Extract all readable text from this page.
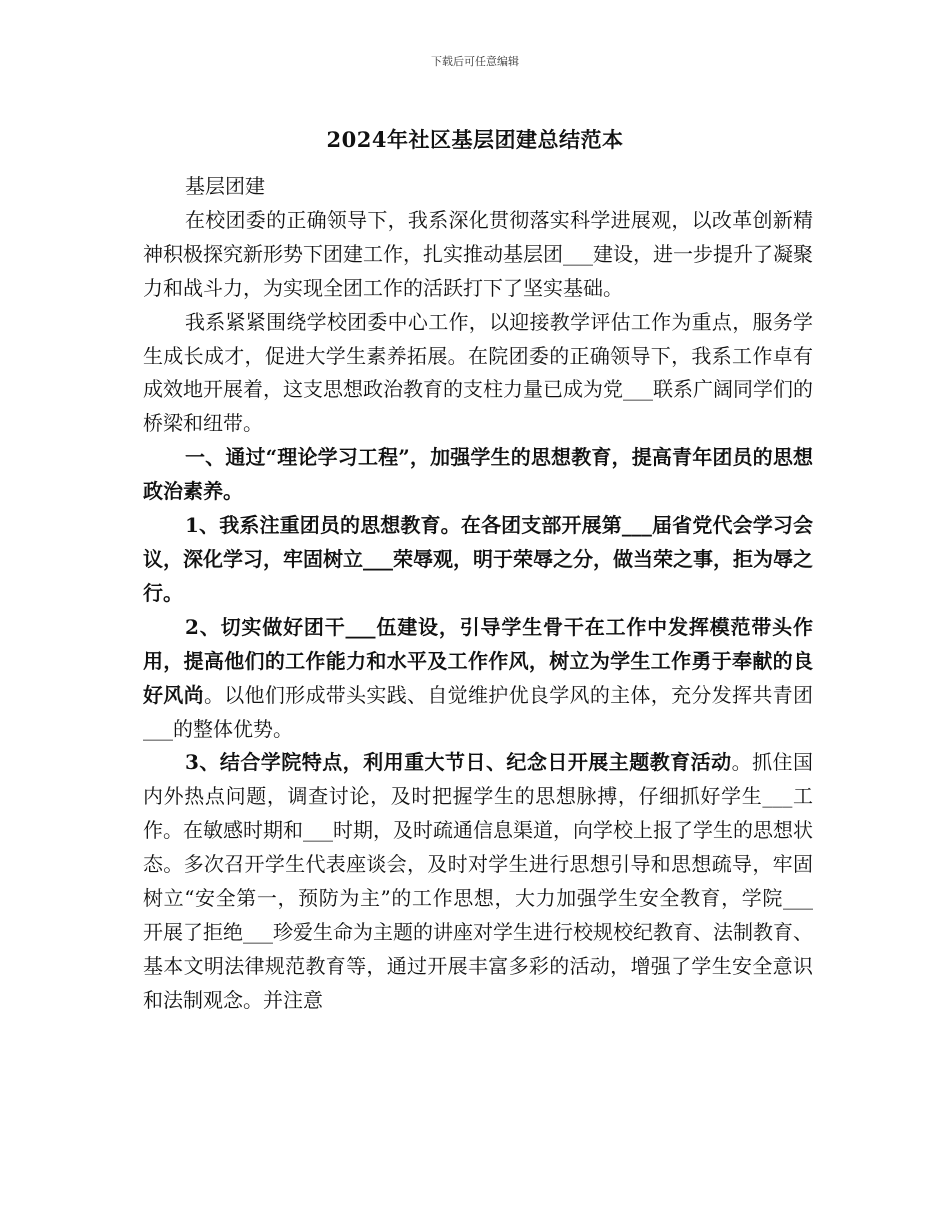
下载后可任意编辑
2024年社区基层团建总结范本

基层团建

在校团委的正确领导下，我系深化贯彻落实科学进展观，以改革创新精神积极探究新形势下团建工作，扎实推动基层团___建设，进一步提升了凝聚力和战斗力，为实现全团工作的活跃打下了坚实基础。

我系紧紧围绕学校团委中心工作，以迎接教学评估工作为重点，服务学生成长成才，促进大学生素养拓展。在院团委的正确领导下，我系工作卓有成效地开展着，这支思想政治教育的支柱力量已成为党___联系广阔同学们的桥梁和纽带。

一、通过“理论学习工程”，加强学生的思想教育，提高青年团员的思想政治素养。

1、我系注重团员的思想教育。在各团支部开展第___届省党代会学习会议，深化学习，牢固树立___荣辱观，明于荣辱之分，做当荣之事，拒为辱之行。

2、切实做好团干___伍建设，引导学生骨干在工作中发挥模范带头作用，提高他们的工作能力和水平及工作作风，树立为学生工作勇于奉献的良好风尚。以他们形成带头实践、自觉维护优良学风的主体，充分发挥共青团___的整体优势。

3、结合学院特点，利用重大节日、纪念日开展主题教育活动。抓住国内外热点问题，调查讨论，及时把握学生的思想脉搏，仔细抓好学生___工作。在敏感时期和___时期，及时疏通信息渠道，向学校上报了学生的思想状态。多次召开学生代表座谈会，及时对学生进行思想引导和思想疏导，牢固树立“安全第一，预防为主”的工作思想，大力加强学生安全教育，学院___开展了拒绝___珍爱生命为主题的讲座对学生进行校规校纪教育、法制教育、基本文明法律规范教育等，通过开展丰富多彩的活动，增强了学生安全意识和法制观念。并注意
